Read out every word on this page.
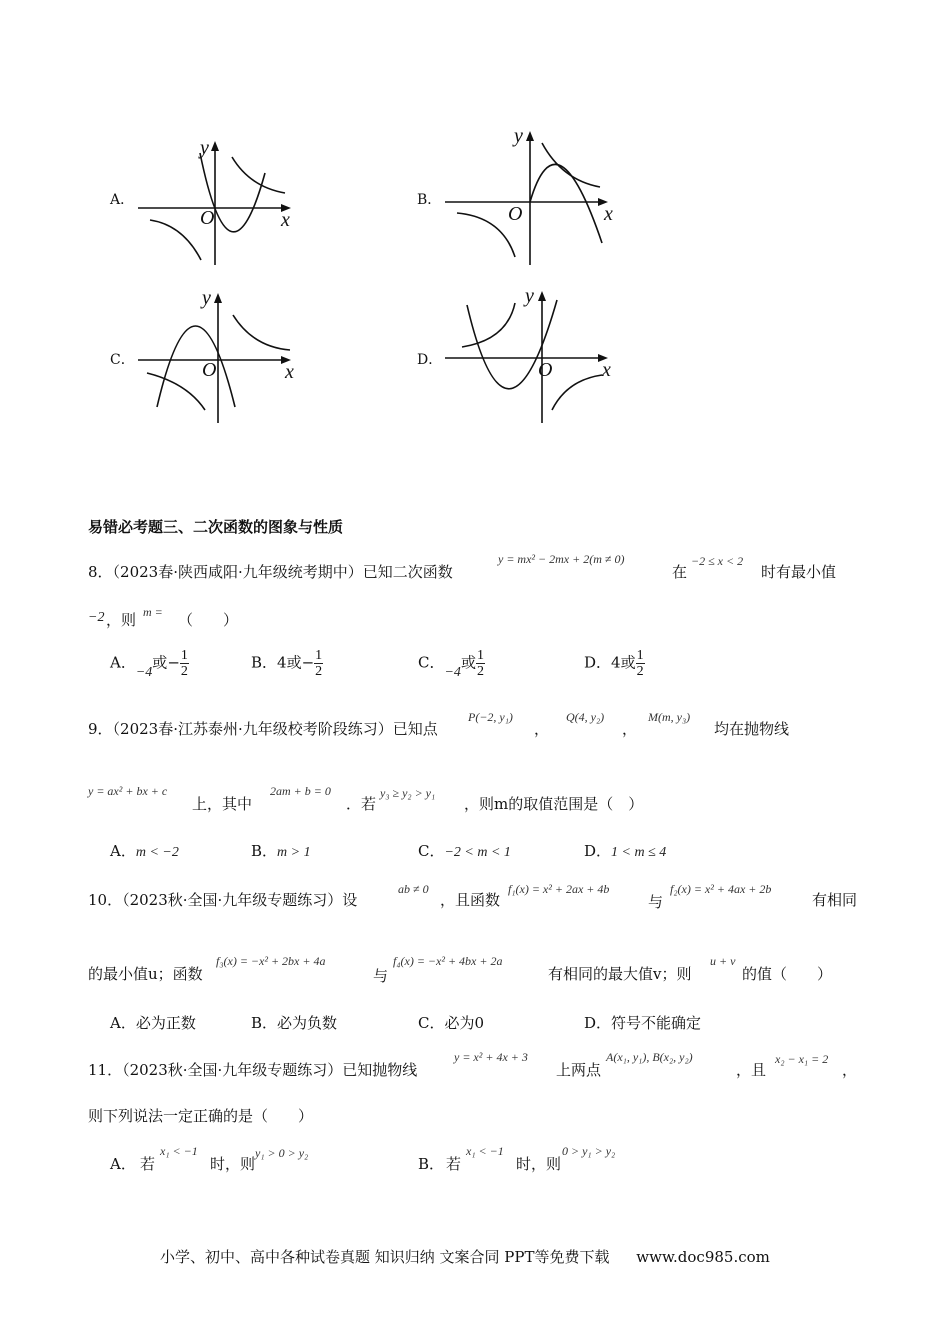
A．
y
x
O
B．
y
x
O
C．
y
x
O	D．
y
x
O
易错必考题三、二次函数的图象与性质
8．（2023春·陕西咸阳·九年级统考期中）已知二次函数
y = mx² − 2mx + 2(m ≠ 0)
在
−2 ≤ x < 2
时有最小值
−2 ，则 m = （　　）
A．−4或− $\frac{1}{2}$	B．4或− $\frac{1}{2}$	C．−4或 $\frac{1}{2}$	D．4或 $\frac{1}{2}$
9．（2023春·江苏泰州·九年级校考阶段练习）已知点
P(−2, y₁)
，
Q(4, y₂)
，
M(m, y₃)
均在抛物线
y = ax² + bx + c
上，其中
2am + b = 0
．若
y₃ ≥ y₂ > y₁
，则m的取值范围是（　）
A．m < −2	B．m > 1	C．−2 < m < 1	D．1 < m ≤ 4
10．（2023秋·全国·九年级专题练习）设
ab ≠ 0
，且函数
f₁(x) = x² + 2ax + 4b
与
f₂(x) = x² + 4ax + 2b
有相同
的最小值u；函数
f₃(x) = −x² + 2bx + 4a
与
f₄(x) = −x² + 4bx + 2a
有相同的最大值v；则
u + v
的值（　　）
A．必为正数	B．必为负数	C．必为0	D．符号不能确定
11．（2023秋·全国·九年级专题练习）已知抛物线
y = x² + 4x + 3
上两点
A(x₁, y₁), B(x₂, y₂)
，且
x₂ − x₁ = 2
，
则下列说法一定正确的是（　　）
A． 若
x₁ < −1
时，则
y₁ > 0 > y₂
B． 若
x₁ < −1
时，则
0 > y₁ > y₂
小学、初中、高中各种试卷真题 知识归纳 文案合同 PPT等免费下载 www.doc985.com
